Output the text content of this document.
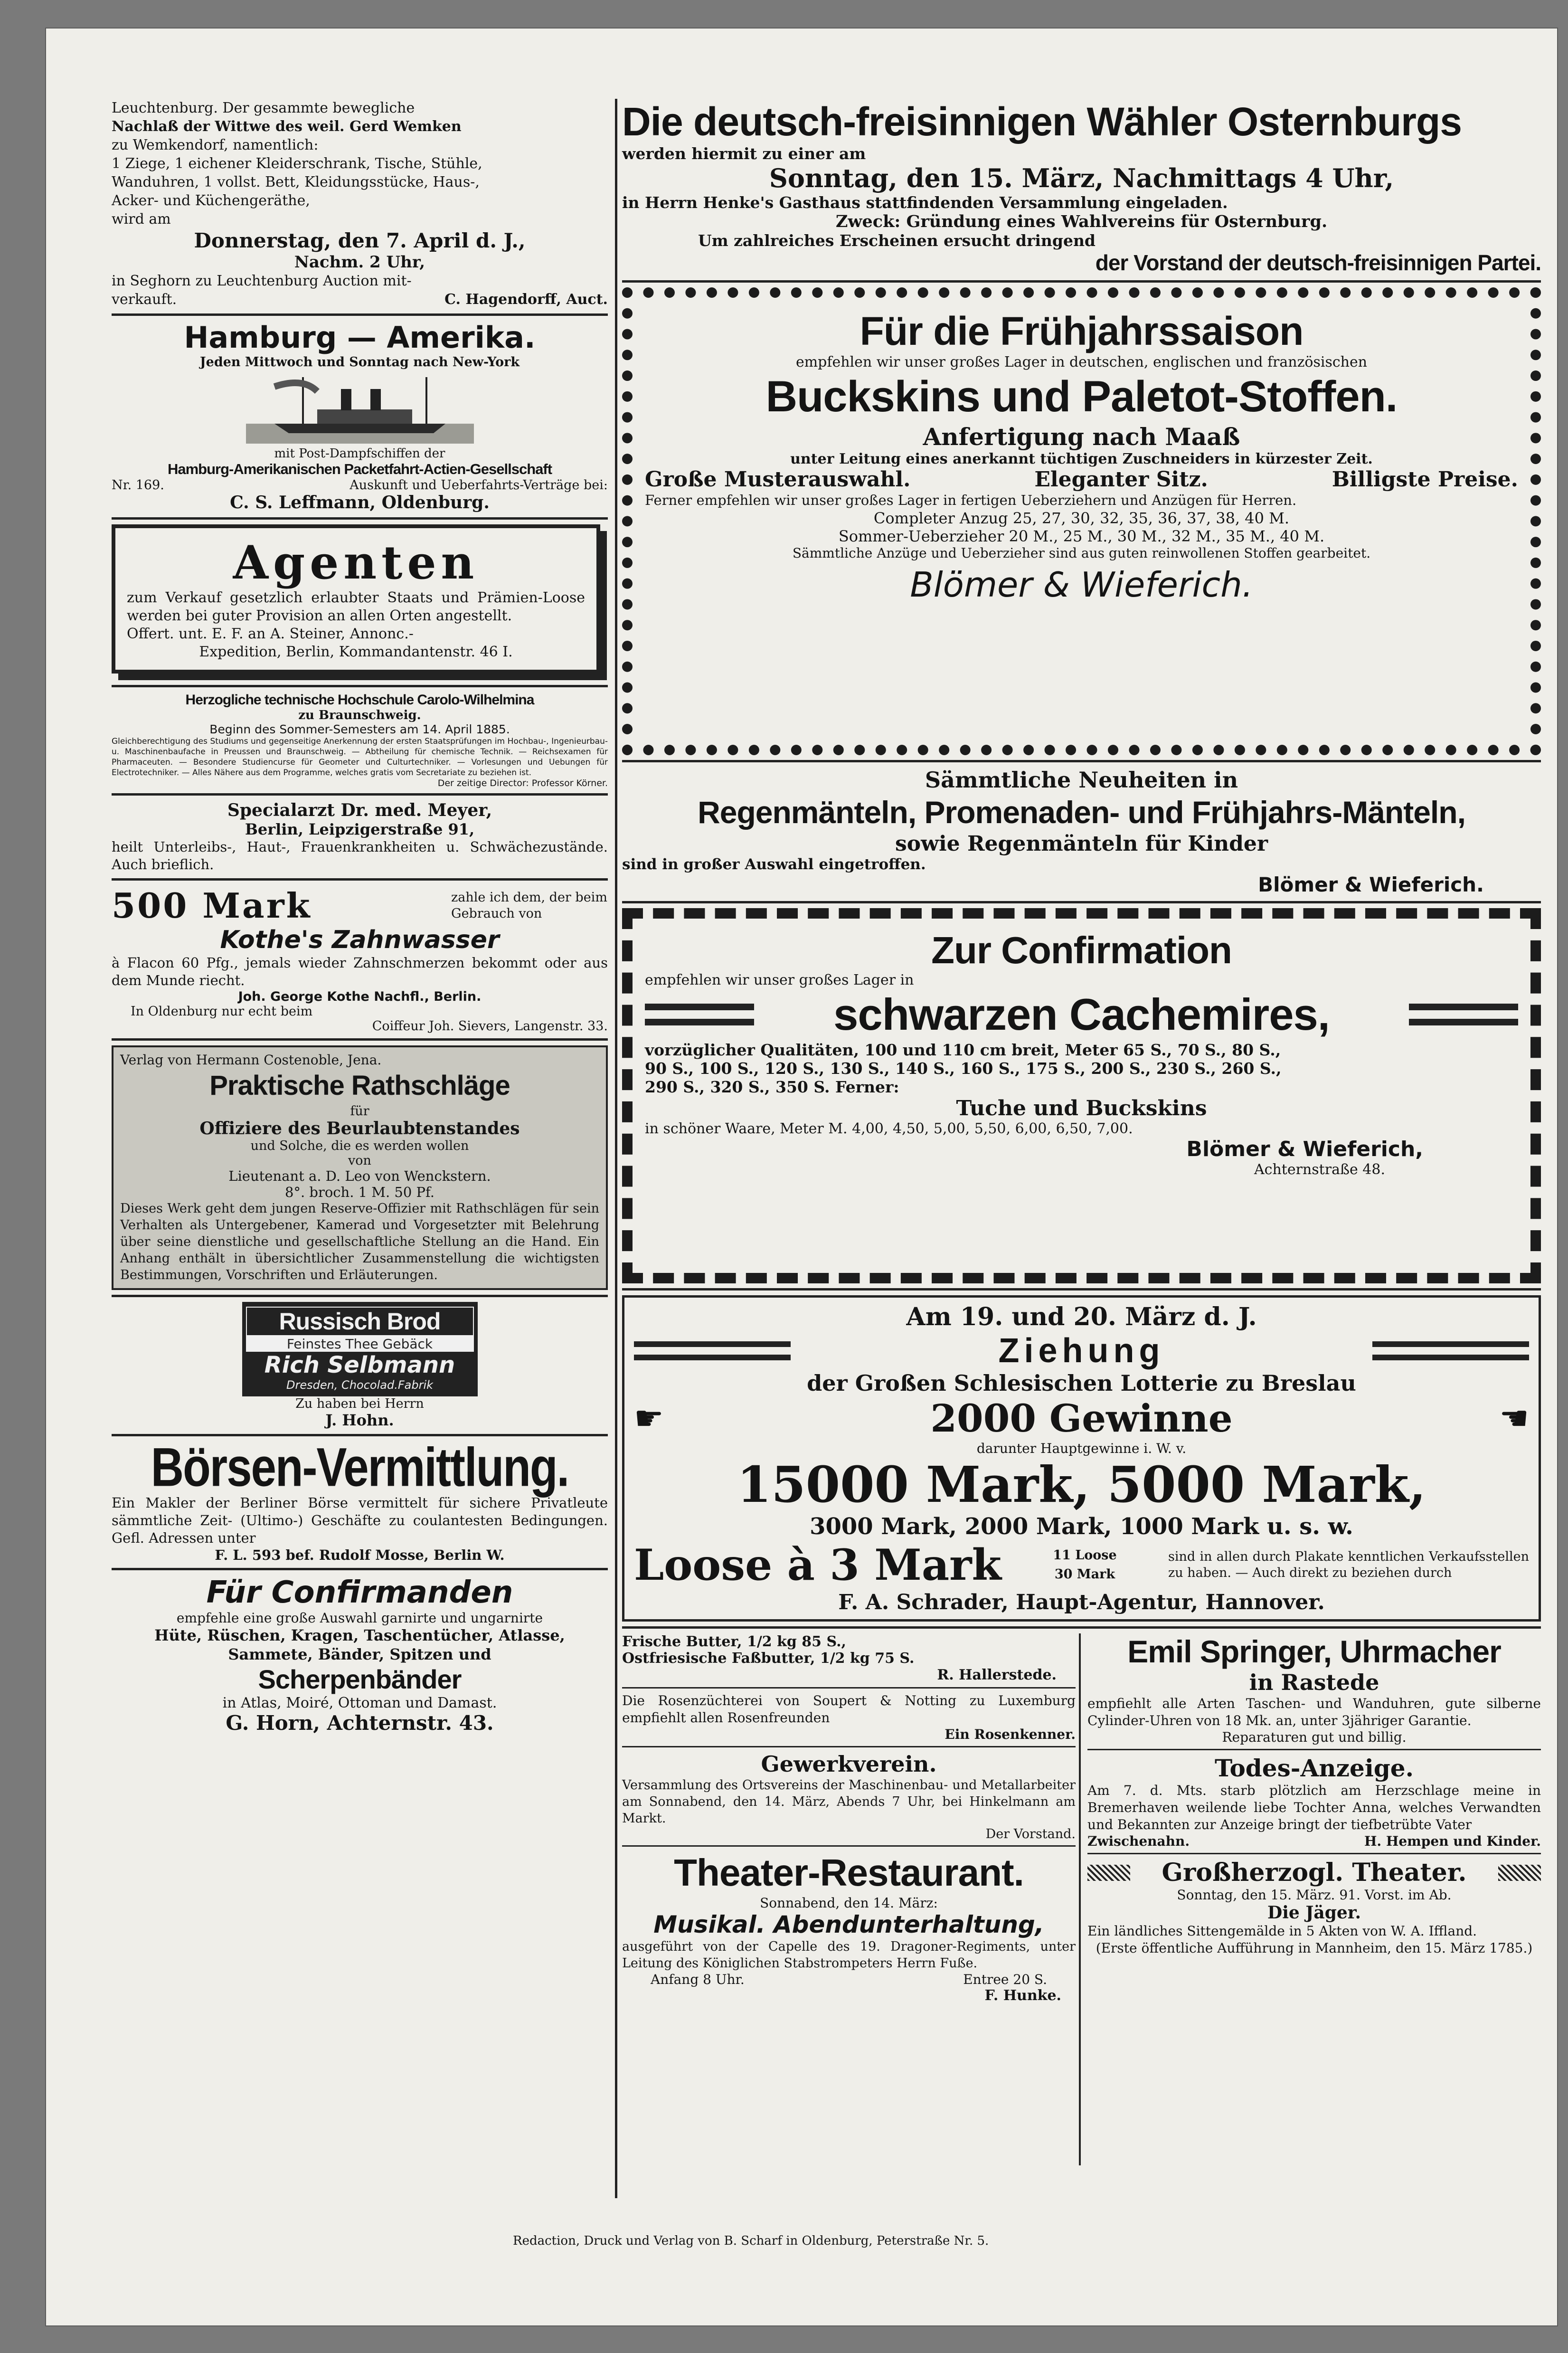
Leuchtenburg. Der gesammte bewegliche
Nachlaß der Wittwe des weil. Gerd Wemken
zu Wemkendorf, namentlich:
1 Ziege, 1 eichener Kleiderschrank, Tische, Stühle,
Wanduhren, 1 vollst. Bett, Kleidungsstücke, Haus-,
Acker- und Küchengeräthe,
wird am
Donnerstag, den 7. April d. J.,
Nachm. 2 Uhr,
in Seghorn zu Leuchtenburg Auction mit-
verkauft.	C. Hagendorff, Auct.
Hamburg — Amerika.
Jeden Mittwoch und Sonntag nach New-York
mit Post-Dampfschiffen der
Hamburg-Amerikanischen Packetfahrt-Actien-Gesellschaft
Nr. 169.	Auskunft und Ueberfahrts-Verträge bei:
C. S. Leffmann, Oldenburg.
Agenten
zum Verkauf gesetzlich erlaubter Staats und Prämien-Loose werden bei guter Provision an allen Orten angestellt.
Offert. unt. E. F. an A. Steiner, Annonc.-
Expedition, Berlin, Kommandantenstr. 46 I.
Herzogliche technische Hochschule Carolo-Wilhelmina
zu Braunschweig.
Beginn des Sommer-Semesters am 14. April 1885.
Gleichberechtigung des Studiums und gegenseitige Anerkennung der ersten Staatsprüfungen im Hochbau-, Ingenieurbau- u. Maschinenbaufache in Preussen und Braunschweig. — Abtheilung für chemische Technik. — Reichsexamen für Pharmaceuten. — Besondere Studiencurse für Geometer und Culturtechniker. — Vorlesungen und Uebungen für Electrotechniker. — Alles Nähere aus dem Programme, welches gratis vom Secretariate zu beziehen ist.
Der zeitige Director: Professor Körner.
Specialarzt Dr. med. Meyer,
Berlin, Leipzigerstraße 91,
heilt Unterleibs-, Haut-, Frauenkrankheiten u. Schwächezustände. Auch brieflich.
500 Mark	zahle ich dem, der beim Gebrauch von
Kothe's Zahnwasser
à Flacon 60 Pfg., jemals wieder Zahnschmerzen bekommt oder aus dem Munde riecht.
Joh. George Kothe Nachfl., Berlin.
In Oldenburg nur echt beim
Coiffeur Joh. Sievers, Langenstr. 33.
Verlag von Hermann Costenoble, Jena.
Praktische Rathschläge
für
Offiziere des Beurlaubtenstandes
und Solche, die es werden wollen
von
Lieutenant a. D. Leo von Wenckstern.
8°. broch. 1 M. 50 Pf.
Dieses Werk geht dem jungen Reserve-Offizier mit Rathschlägen für sein Verhalten als Untergebener, Kamerad und Vorgesetzter mit Belehrung über seine dienstliche und gesellschaftliche Stellung an die Hand. Ein Anhang enthält in übersichtlicher Zusammenstellung die wichtigsten Bestimmungen, Vorschriften und Erläuterungen.
Russisch Brod
Feinstes Thee Gebäck
Rich Selbmann
Dresden, Chocolad.Fabrik
Zu haben bei Herrn
J. Hohn.
Börsen-Vermittlung.
Ein Makler der Berliner Börse vermittelt für sichere Privatleute sämmtliche Zeit- (Ultimo-) Geschäfte zu coulantesten Bedingungen. Gefl. Adressen unter
F. L. 593 bef. Rudolf Mosse, Berlin W.
Für Confirmanden
empfehle eine große Auswahl garnirte und ungarnirte
Hüte, Rüschen, Kragen, Taschentücher, Atlasse, Sammete, Bänder, Spitzen und
Scherpenbänder
in Atlas, Moiré, Ottoman und Damast.
G. Horn, Achternstr. 43.
Die deutsch-freisinnigen Wähler Osternburgs
werden hiermit zu einer am
Sonntag, den 15. März, Nachmittags 4 Uhr,
in Herrn Henke's Gasthaus stattfindenden Versammlung eingeladen.
Zweck: Gründung eines Wahlvereins für Osternburg.
Um zahlreiches Erscheinen ersucht dringend
der Vorstand der deutsch-freisinnigen Partei.
Für die Frühjahrssaison
empfehlen wir unser großes Lager in deutschen, englischen und französischen
Buckskins und Paletot-Stoffen.
Anfertigung nach Maaß
unter Leitung eines anerkannt tüchtigen Zuschneiders in kürzester Zeit.
Große Musterauswahl.	Eleganter Sitz.	Billigste Preise.
Ferner empfehlen wir unser großes Lager in fertigen Ueberziehern und Anzügen für Herren.
Completer Anzug 25, 27, 30, 32, 35, 36, 37, 38, 40 M.
Sommer-Ueberzieher 20 M., 25 M., 30 M., 32 M., 35 M., 40 M.
Sämmtliche Anzüge und Ueberzieher sind aus guten reinwollenen Stoffen gearbeitet.
Blömer & Wieferich.
Sämmtliche Neuheiten in
Regenmänteln, Promenaden- und Frühjahrs-Mänteln,
sowie Regenmänteln für Kinder
sind in großer Auswahl eingetroffen.
Blömer & Wieferich.
Zur Confirmation
empfehlen wir unser großes Lager in
schwarzen Cachemires,
vorzüglicher Qualitäten, 100 und 110 cm breit, Meter 65 S., 70 S., 80 S.,
90 S., 100 S., 120 S., 130 S., 140 S., 160 S., 175 S., 200 S., 230 S., 260 S.,
290 S., 320 S., 350 S. Ferner:
Tuche und Buckskins
in schöner Waare, Meter M. 4,00, 4,50, 5,00, 5,50, 6,00, 6,50, 7,00.
Blömer & Wieferich,
Achternstraße 48.
Am 19. und 20. März d. J.
Ziehung
der Großen Schlesischen Lotterie zu Breslau
☛	2000 Gewinne	☚
darunter Hauptgewinne i. W. v.
15000 Mark, 5000 Mark,
3000 Mark, 2000 Mark, 1000 Mark u. s. w.
Loose à 3 Mark	11 Loose
30 Mark
sind in allen durch Plakate kenntlichen Verkaufsstellen zu haben. — Auch direkt zu beziehen durch
F. A. Schrader, Haupt-Agentur, Hannover.
Frische Butter, 1/2 kg 85 S.,
Ostfriesische Faßbutter, 1/2 kg 75 S.
R. Hallerstede.
Die Rosenzüchterei von Soupert & Notting zu Luxemburg empfiehlt allen Rosenfreunden
Ein Rosenkenner.
Gewerkverein.
Versammlung des Ortsvereins der Maschinenbau- und Metallarbeiter am Sonnabend, den 14. März, Abends 7 Uhr, bei Hinkelmann am Markt.
Der Vorstand.
Theater-Restaurant.
Sonnabend, den 14. März:
Musikal. Abendunterhaltung,
ausgeführt von der Capelle des 19. Dragoner-Regiments, unter Leitung des Königlichen Stabstrompeters Herrn Fuße.
Anfang 8 Uhr.	Entree 20 S.
F. Hunke.
Emil Springer, Uhrmacher
in Rastede
empfiehlt alle Arten Taschen- und Wanduhren, gute silberne Cylinder-Uhren von 18 Mk. an, unter 3jähriger Garantie.
Reparaturen gut und billig.
Todes-Anzeige.
Am 7. d. Mts. starb plötzlich am Herzschlage meine in Bremerhaven weilende liebe Tochter Anna, welches Verwandten und Bekannten zur Anzeige bringt der tiefbetrübte Vater
Zwischenahn.	H. Hempen und Kinder.
Großherzogl. Theater.
Sonntag, den 15. März. 91. Vorst. im Ab.
Die Jäger.
Ein ländliches Sittengemälde in 5 Akten von W. A. Iffland.
(Erste öffentliche Aufführung in Mannheim, den 15. März 1785.)
Redaction, Druck und Verlag von B. Scharf in Oldenburg, Peterstraße Nr. 5.
